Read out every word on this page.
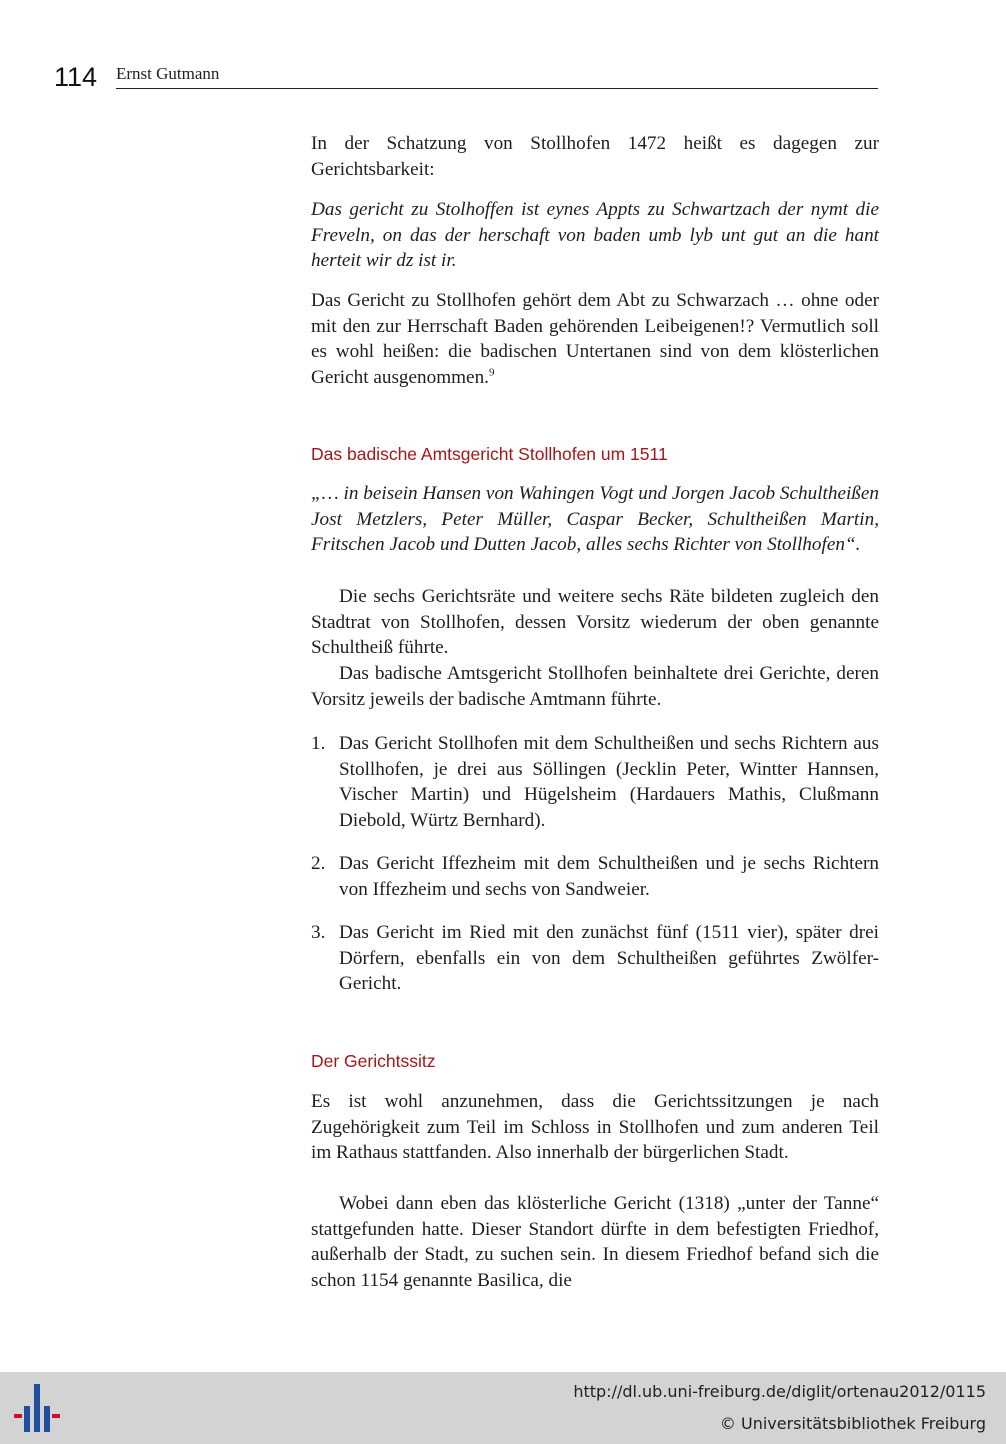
114 Ernst Gutmann

In der Schatzung von Stollhofen 1472 heißt es dagegen zur Gerichtsbarkeit:

Das gericht zu Stolhoffen ist eynes Appts zu Schwartzach der nymt die Freveln, on das der herschaft von baden umb lyb unt gut an die hant herteit wir dz ist ir.

Das Gericht zu Stollhofen gehört dem Abt zu Schwarzach … ohne oder mit den zur Herrschaft Baden gehörenden Leibeigenen!? Vermutlich soll es wohl heißen: die badischen Untertanen sind von dem klösterlichen Gericht ausgenommen.$^9$

Das badische Amtsgericht Stollhofen um 1511

„… in beisein Hansen von Wahingen Vogt und Jorgen Jacob Schultheißen Jost Metzlers, Peter Müller, Caspar Becker, Schultheißen Martin, Fritschen Jacob und Dutten Jacob, alles sechs Richter von Stollhofen“.

Die sechs Gerichtsräte und weitere sechs Räte bildeten zugleich den Stadtrat von Stollhofen, dessen Vorsitz wiederum der oben genannte Schultheiß führte.

Das badische Amtsgericht Stollhofen beinhaltete drei Gerichte, deren Vorsitz jeweils der badische Amtmann führte.

1. Das Gericht Stollhofen mit dem Schultheißen und sechs Richtern aus Stollhofen, je drei aus Söllingen (Jecklin Peter, Wintter Hannsen, Vischer Martin) und Hügelsheim (Hardauers Mathis, Clußmann Diebold, Würtz Bernhard).

2. Das Gericht Iffezheim mit dem Schultheißen und je sechs Richtern von Iffezheim und sechs von Sandweier.

3. Das Gericht im Ried mit den zunächst fünf (1511 vier), später drei Dörfern, ebenfalls ein von dem Schultheißen geführtes Zwölfer-Gericht.

Der Gerichtssitz

Es ist wohl anzunehmen, dass die Gerichtssitzungen je nach Zugehörigkeit zum Teil im Schloss in Stollhofen und zum anderen Teil im Rathaus stattfanden. Also innerhalb der bürgerlichen Stadt.

Wobei dann eben das klösterliche Gericht (1318) „unter der Tanne“ stattgefunden hatte. Dieser Standort dürfte in dem befestigten Friedhof, außerhalb der Stadt, zu suchen sein. In diesem Friedhof befand sich die schon 1154 genannte Basilica, die

http://dl.ub.uni-freiburg.de/diglit/ortenau2012/0115
© Universitätsbibliothek Freiburg
